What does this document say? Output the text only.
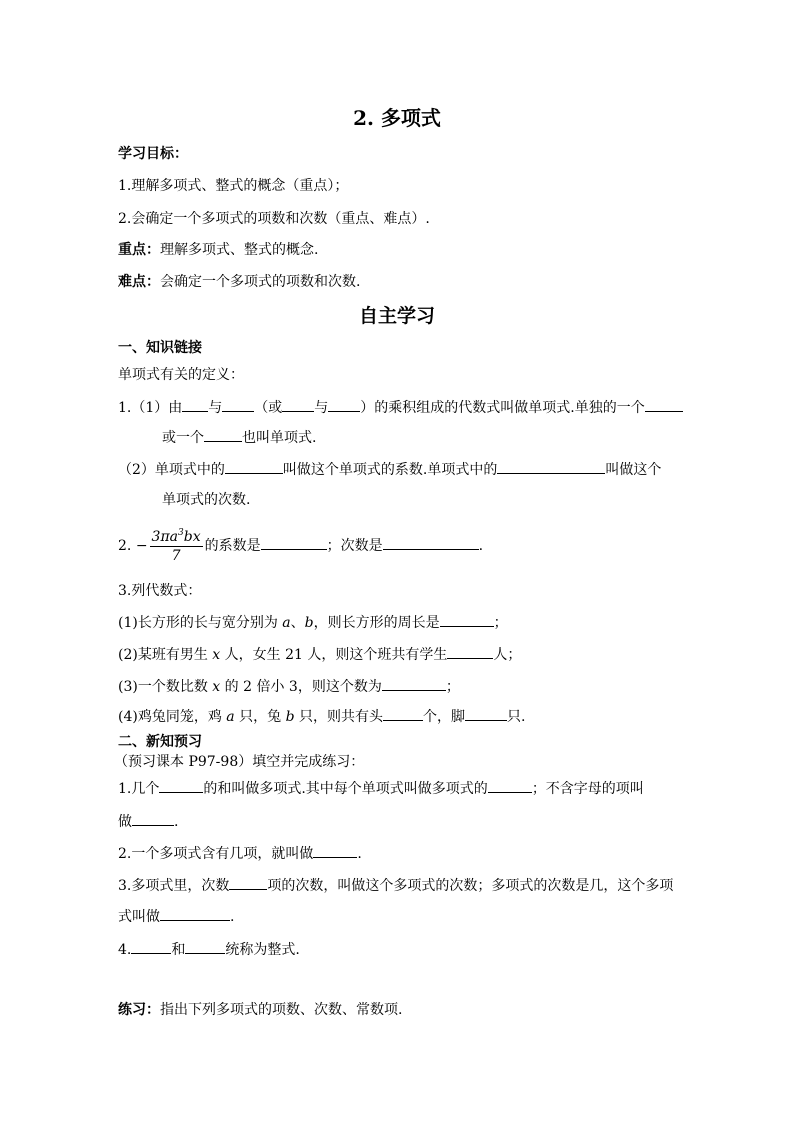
2. 多项式
学习目标：
1.理解多项式、整式的概念（重点）；
2.会确定一个多项式的项数和次数（重点、难点）.
重点：理解多项式、整式的概念.
难点：会确定一个多项式的项数和次数.
自主学习
一、知识链接
单项式有关的定义：
1.（1）由 与 （或 与 ）的乘积组成的代数式叫做单项式.单独的一个
或一个	也叫单项式.
（2）单项式中的	叫做这个单项式的系数.单项式中的	叫做这个
单项式的次数.
2. − $\frac{3\pi a^3bx}{7}$ 的系数是	；次数是	.
3.列代数式：
(1)长方形的长与宽分别为 a、b，则长方形的周长是	；
(2)某班有男生 x 人，女生 21 人，则这个班共有学生	人；
(3)一个数比数 x 的 2 倍小 3，则这个数为	；
(4)鸡兔同笼，鸡 a 只，兔 b 只，则共有头	个，脚	只.
二、新知预习
（预习课本 P97-98）填空并完成练习：
1.几个	的和叫做多项式.其中每个单项式叫做多项式的	；不含字母的项叫
做	.
2.一个多项式含有几项，就叫做	.
3.多项式里，次数	项的次数，叫做这个多项式的次数；多项式的次数是几，这个多项
式叫做	.
4.	和	统称为整式.
练习：指出下列多项式的项数、次数、常数项.
